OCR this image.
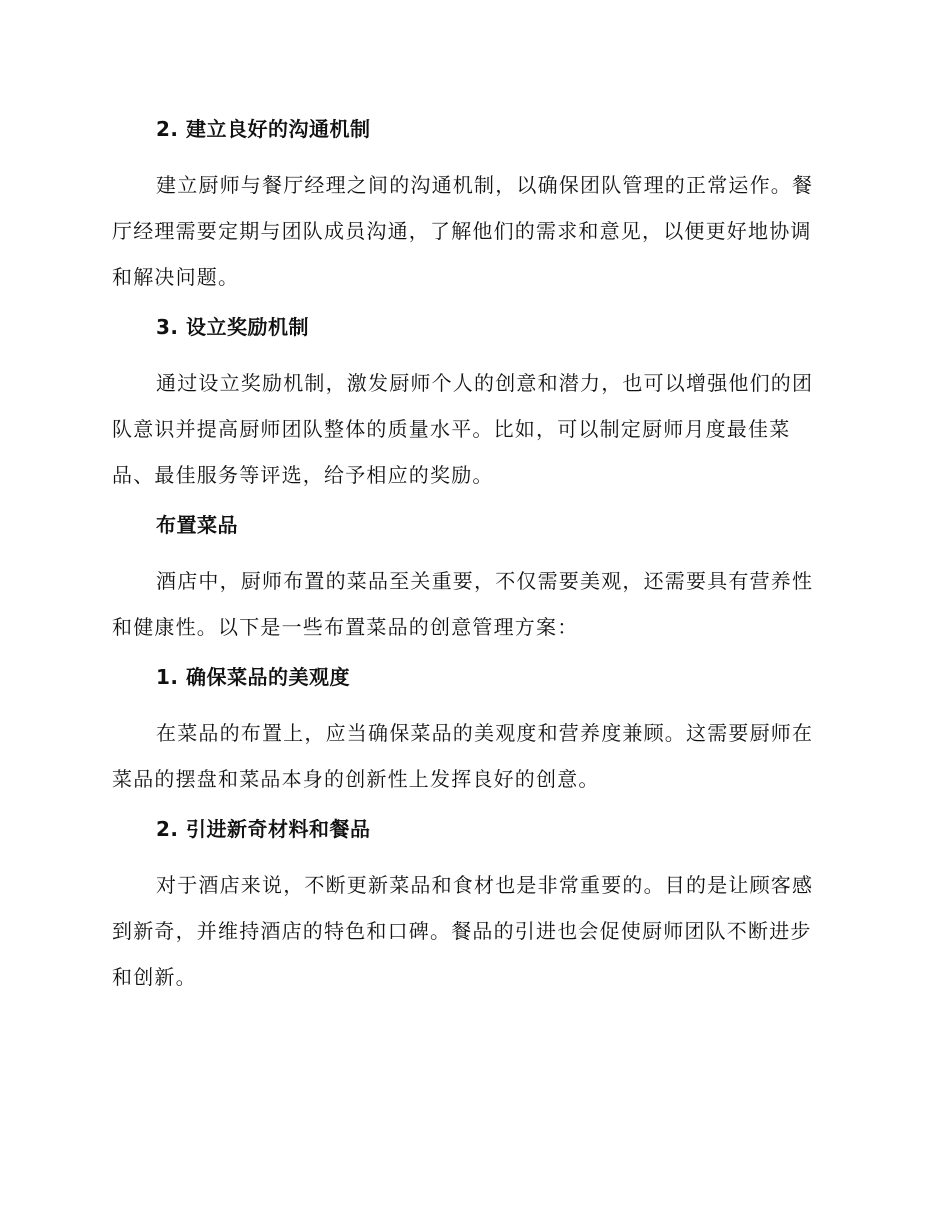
2. 建立良好的沟通机制

建立厨师与餐厅经理之间的沟通机制，以确保团队管理的正常运作。餐厅经理需要定期与团队成员沟通，了解他们的需求和意见，以便更好地协调和解决问题。

3. 设立奖励机制

通过设立奖励机制，激发厨师个人的创意和潜力，也可以增强他们的团队意识并提高厨师团队整体的质量水平。比如，可以制定厨师月度最佳菜品、最佳服务等评选，给予相应的奖励。

布置菜品

酒店中，厨师布置的菜品至关重要，不仅需要美观，还需要具有营养性和健康性。以下是一些布置菜品的创意管理方案：

1. 确保菜品的美观度

在菜品的布置上，应当确保菜品的美观度和营养度兼顾。这需要厨师在菜品的摆盘和菜品本身的创新性上发挥良好的创意。

2. 引进新奇材料和餐品

对于酒店来说，不断更新菜品和食材也是非常重要的。目的是让顾客感到新奇，并维持酒店的特色和口碑。餐品的引进也会促使厨师团队不断进步和创新。
